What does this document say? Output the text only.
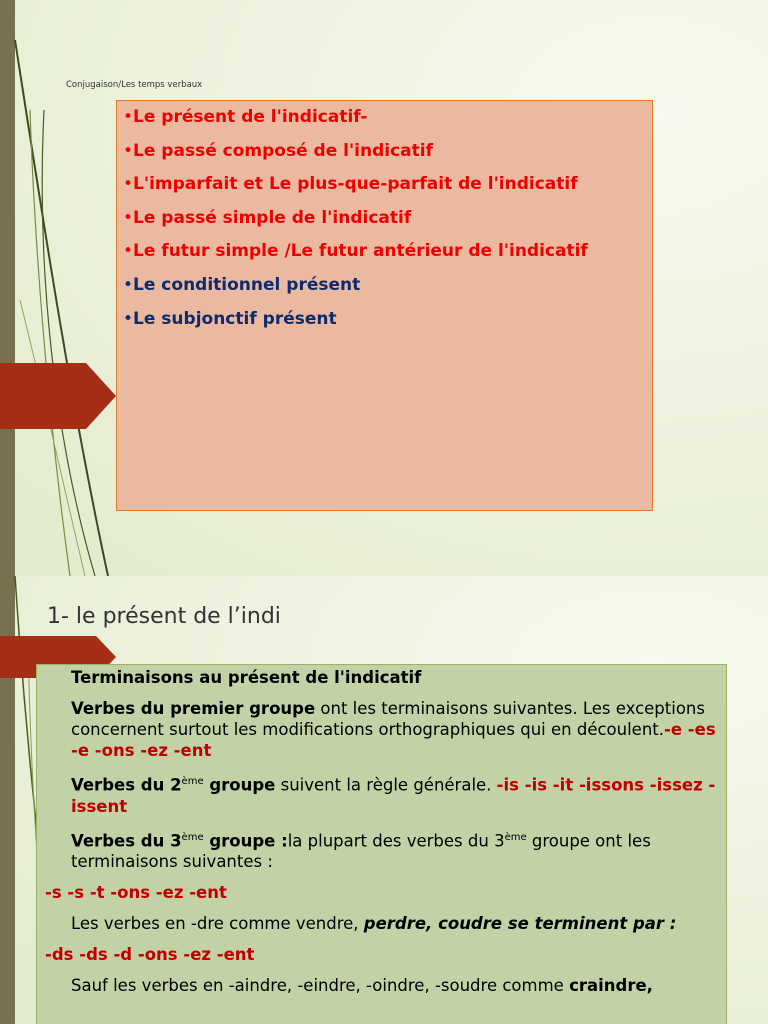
Conjugaison/Les temps verbaux
•Le présent de l'indicatif-
•Le passé composé de l'indicatif
•L'imparfait et Le plus-que-parfait de l'indicatif
•Le passé simple de l'indicatif
•Le futur simple /Le futur antérieur de l'indicatif
•Le conditionnel présent
•Le subjonctif présent
1- le présent de l’indi
Terminaisons au présent de l'indicatif
Verbes du premier groupe ont les terminaisons suivantes. Les exceptions concernent surtout les modifications orthographiques qui en découlent.-e -es -e -ons -ez -ent
Verbes du 2ème groupe suivent la règle générale. -is -is -it -issons -issez -issent
Verbes du 3ème groupe :la plupart des verbes du 3ème groupe ont les terminaisons suivantes :
-s -s -t -ons -ez -ent
Les verbes en -dre comme vendre, perdre, coudre se terminent par :
-ds -ds -d -ons -ez -ent
Sauf les verbes en -aindre, -eindre, -oindre, -soudre comme craindre,
